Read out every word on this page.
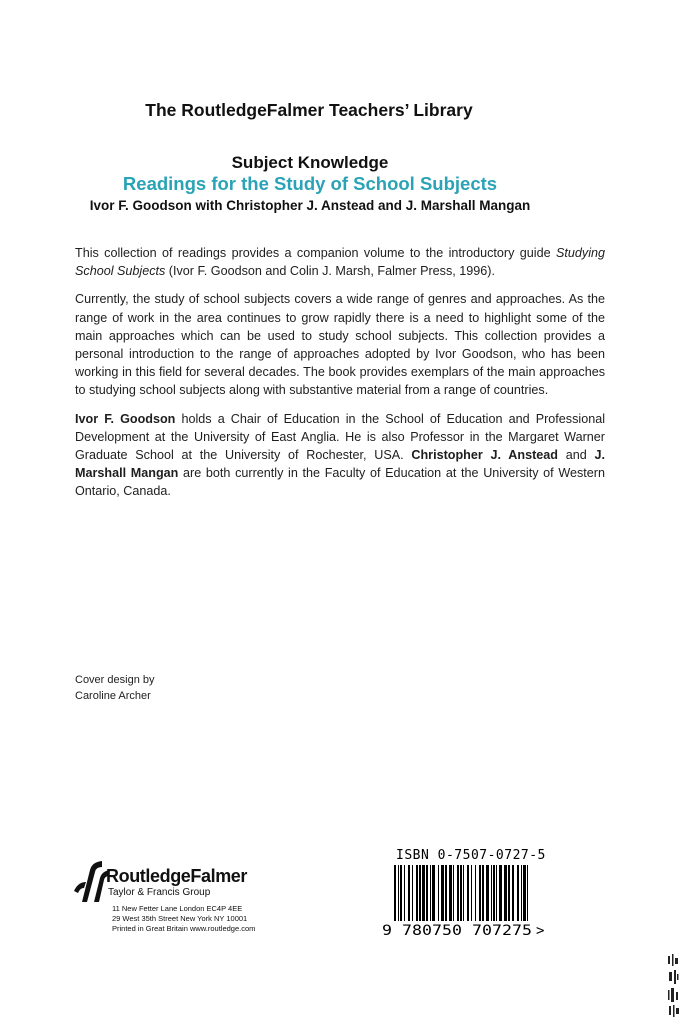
The RoutledgeFalmer Teachers’ Library
Subject Knowledge
Readings for the Study of School Subjects
Ivor F. Goodson with Christopher J. Anstead and J. Marshall Mangan

This collection of readings provides a companion volume to the introductory guide Studying School Subjects (Ivor F. Goodson and Colin J. Marsh, Falmer Press, 1996).

Currently, the study of school subjects covers a wide range of genres and approaches. As the range of work in the area continues to grow rapidly there is a need to highlight some of the main approaches which can be used to study school subjects. This collection provides a personal introduction to the range of approaches adopted by Ivor Goodson, who has been working in this field for several decades. The book provides exemplars of the main approaches to studying school subjects along with substantive material from a range of countries.

Ivor F. Goodson holds a Chair of Education in the School of Education and Professional Development at the University of East Anglia. He is also Professor in the Margaret Warner Graduate School at the University of Rochester, USA. Christopher J. Anstead and J. Marshall Mangan are both currently in the Faculty of Education at the University of Western Ontario, Canada.

Cover design by
Caroline Archer
RoutledgeFalmer
Taylor & Francis Group
11 New Fetter Lane London EC4P 4EE
29 West 35th Street New York NY 10001
Printed in Great Britain www.routledge.com
ISBN 0-7507-0727-5
9 780750 707275 >
